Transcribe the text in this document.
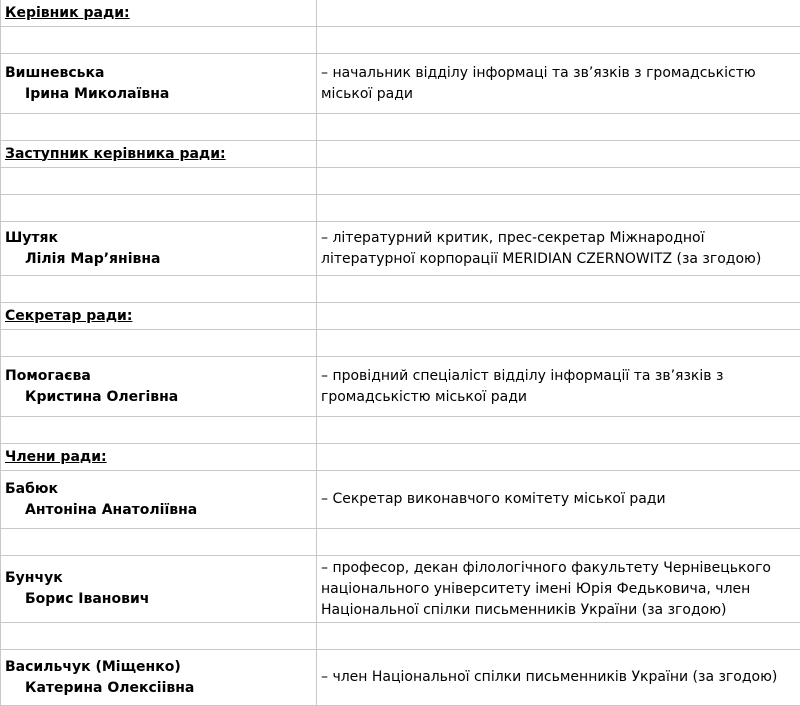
Керівник ради:	

Вишневська
Ірина Миколаївна	– начальник відділу інформаці та зв’язків з громадськістю міської ради

Заступник керівника ради:	

Шутяк
Лілія Мар’янівна	– літературний критик, прес-секретар Міжнародної літературної корпорації MERIDIAN CZERNOWITZ (за згодою)

Секретар ради:	

Помогаєва
Кристина Олегівна	– провідний спеціаліст відділу інформації та зв’язків з громадськістю міської ради

Члени ради:	

Бабюк
Антоніна Анатоліївна	– Секретар виконавчого комітету міської ради

Бунчук
Борис Іванович	– професор, декан філологічного факультету Чернівецького національного університету імені Юрія Федьковича, член Національної спілки письменників України (за згодою)

Васильчук (Міщенко)
Катерина Олексіівна	– член Національної спілки письменників України (за згодою)
